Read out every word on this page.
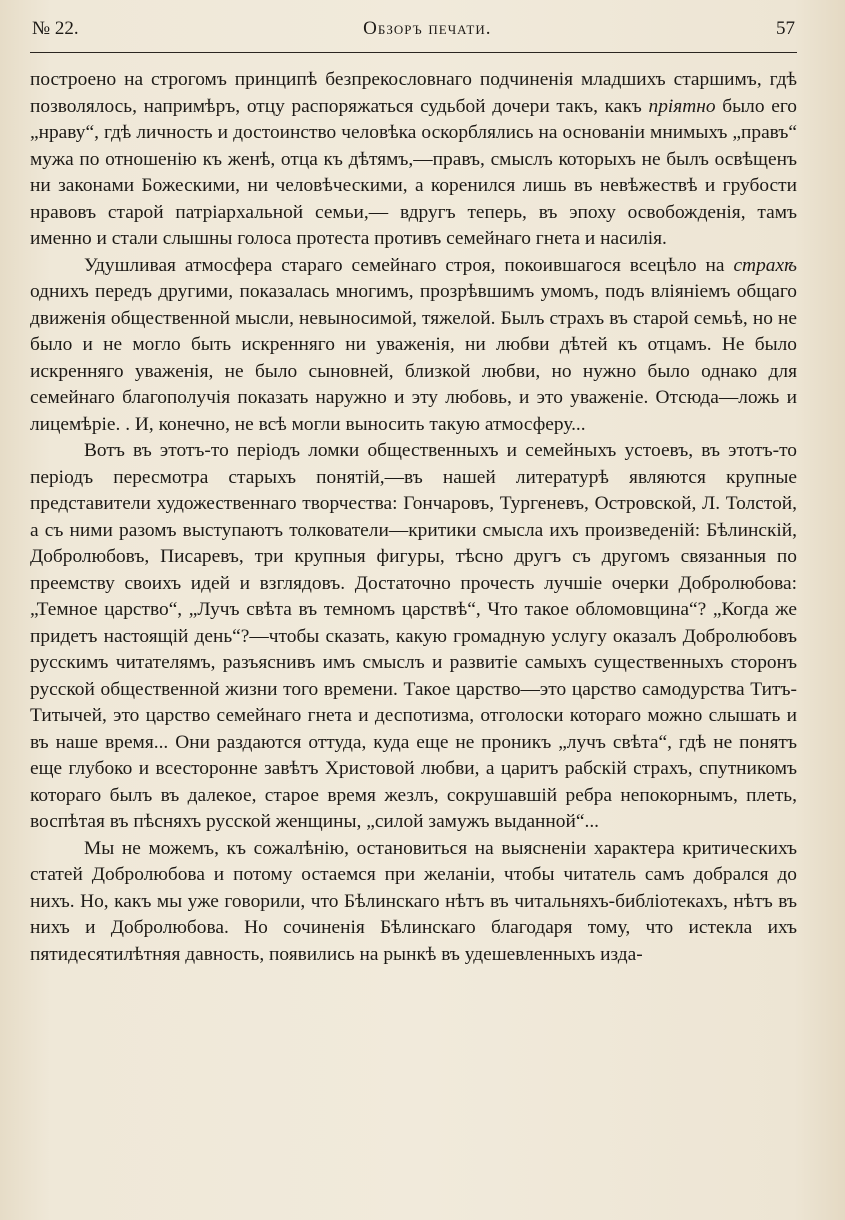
№ 22.	Обзоръ печати.	57

построено на строгомъ принципѣ безпрекословнаго подчиненія младшихъ старшимъ, гдѣ позволялось, напримѣръ, отцу распоряжаться судьбой дочери такъ, какъ пріятно было его „нраву“, гдѣ личность и достоинство человѣка оскорблялись на основаніи мнимыхъ „правъ“ мужа по отношенію къ женѣ, отца къ дѣтямъ,—правъ, смыслъ которыхъ не былъ освѣщенъ ни законами Божескими, ни человѣческими, а коренился лишь въ невѣжествѣ и грубости нравовъ старой патріархальной семьи,— вдругъ теперь, въ эпоху освобожденія, тамъ именно и стали слышны голоса протеста противъ семейнаго гнета и насилія.

Удушливая атмосфера стараго семейнаго строя, покоившагося всецѣло на страхѣ однихъ передъ другими, показалась многимъ, прозрѣвшимъ умомъ, подъ вліяніемъ общаго движенія общественной мысли, невыносимой, тяжелой. Былъ страхъ въ старой семьѣ, но не было и не могло быть искренняго ни уваженія, ни любви дѣтей къ отцамъ. Не было искренняго уваженія, не было сыновней, близкой любви, но нужно было однако для семейнаго благополучія показать наружно и эту любовь, и это уваженіе. Отсюда—ложь и лицемѣріе. . И, конечно, не всѣ могли выносить такую атмосферу...

Вотъ въ этотъ-то періодъ ломки общественныхъ и семейныхъ устоевъ, въ этотъ-то періодъ пересмотра старыхъ понятій,—въ нашей литературѣ являются крупные представители художественнаго творчества: Гончаровъ, Тургеневъ, Островской, Л. Толстой, а съ ними разомъ выступаютъ толкователи—критики смысла ихъ произведеній: Бѣлинскій, Добролюбовъ, Писаревъ, три крупныя фигуры, тѣсно другъ съ другомъ связанныя по преемству своихъ идей и взглядовъ. Достаточно прочесть лучшіе очерки Добролюбова: „Темное царство“, „Лучъ свѣта въ темномъ царствѣ“, Что такое обломовщина“? „Когда же придетъ настоящій день“?—чтобы сказать, какую громадную услугу оказалъ Добролюбовъ русскимъ читателямъ, разъяснивъ имъ смыслъ и развитіе самыхъ существенныхъ сторонъ русской общественной жизни того времени. Такое царство—это царство самодурства Титъ-Титычей, это царство семейнаго гнета и деспотизма, отголоски котораго можно слышать и въ наше время... Они раздаются оттуда, куда еще не проникъ „лучъ свѣта“, гдѣ не понятъ еще глубоко и всесторонне завѣтъ Христовой любви, а царитъ рабскій страхъ, спутникомъ котораго былъ въ далекое, старое время жезлъ, сокрушавшій ребра непокорнымъ, плеть, воспѣтая въ пѣсняхъ русской женщины, „силой замужъ выданной“...

Мы не можемъ, къ сожалѣнію, остановиться на выясненіи характера критическихъ статей Добролюбова и потому остаемся при желаніи, чтобы читатель самъ добрался до нихъ. Но, какъ мы уже говорили, что Бѣлинскаго нѣтъ въ читальняхъ-библіотекахъ, нѣтъ въ нихъ и Добролюбова. Но сочиненія Бѣлинскаго благодаря тому, что истекла ихъ пятидесятилѣтняя давность, появились на рынкѣ въ удешевленныхъ изда-
